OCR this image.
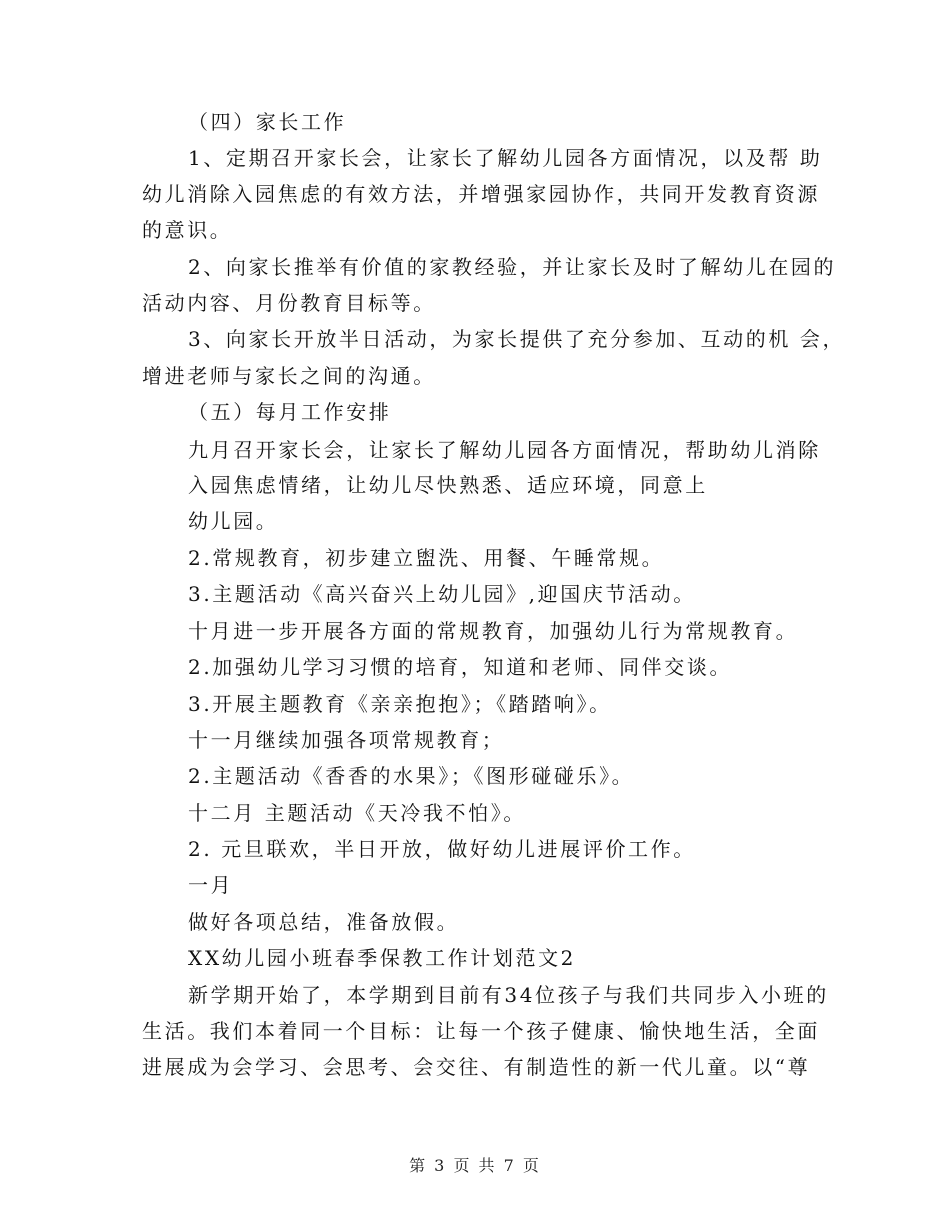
（四）家长工作
1、定期召开家长会，让家长了解幼儿园各方面情况，以及帮 助
幼儿消除入园焦虑的有效方法，并增强家园协作，共同开发教育资源
的意识。
2、向家长推举有价值的家教经验，并让家长及时了解幼儿在园的
活动内容、月份教育目标等。
3、向家长开放半日活动，为家长提供了充分参加、互动的机 会，
增进老师与家长之间的沟通。
（五）每月工作安排
九月召开家长会，让家长了解幼儿园各方面情况，帮助幼儿消除
入园焦虑情绪，让幼儿尽快熟悉、适应环境，同意上
幼儿园。
2.常规教育，初步建立盥洗、用餐、午睡常规。
3.主题活动《高兴奋兴上幼儿园》,迎国庆节活动。
十月进一步开展各方面的常规教育，加强幼儿行为常规教育。
2.加强幼儿学习习惯的培育，知道和老师、同伴交谈。
3.开展主题教育《亲亲抱抱》；《踏踏响》。
十一月继续加强各项常规教育；
2.主题活动《香香的水果》；《图形碰碰乐》。
十二月 主题活动《天冷我不怕》。
2. 元旦联欢，半日开放，做好幼儿进展评价工作。
一月
做好各项总结，准备放假。
XX幼儿园小班春季保教工作计划范文2
新学期开始了，本学期到目前有34位孩子与我们共同步入小班的
生活。我们本着同一个目标：让每一个孩子健康、愉快地生活，全面
进展成为会学习、会思考、会交往、有制造性的新一代儿童。以“尊
第 3 页 共 7 页
